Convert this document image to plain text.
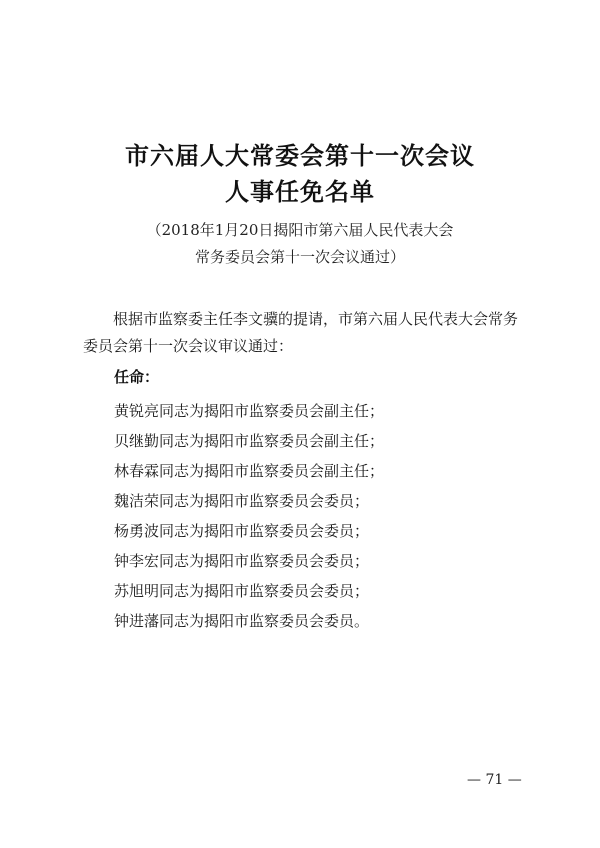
市六届人大常委会第十一次会议
人事任免名单
（2018年1月20日揭阳市第六届人民代表大会
常务委员会第十一次会议通过）
根据市监察委主任李文骥的提请，市第六届人民代表大会常务委员会第十一次会议审议通过：
任命：
黄锐亮同志为揭阳市监察委员会副主任；
贝继勤同志为揭阳市监察委员会副主任；
林春霖同志为揭阳市监察委员会副主任；
魏洁荣同志为揭阳市监察委员会委员；
杨勇波同志为揭阳市监察委员会委员；
钟李宏同志为揭阳市监察委员会委员；
苏旭明同志为揭阳市监察委员会委员；
钟进藩同志为揭阳市监察委员会委员。
— 71 —
